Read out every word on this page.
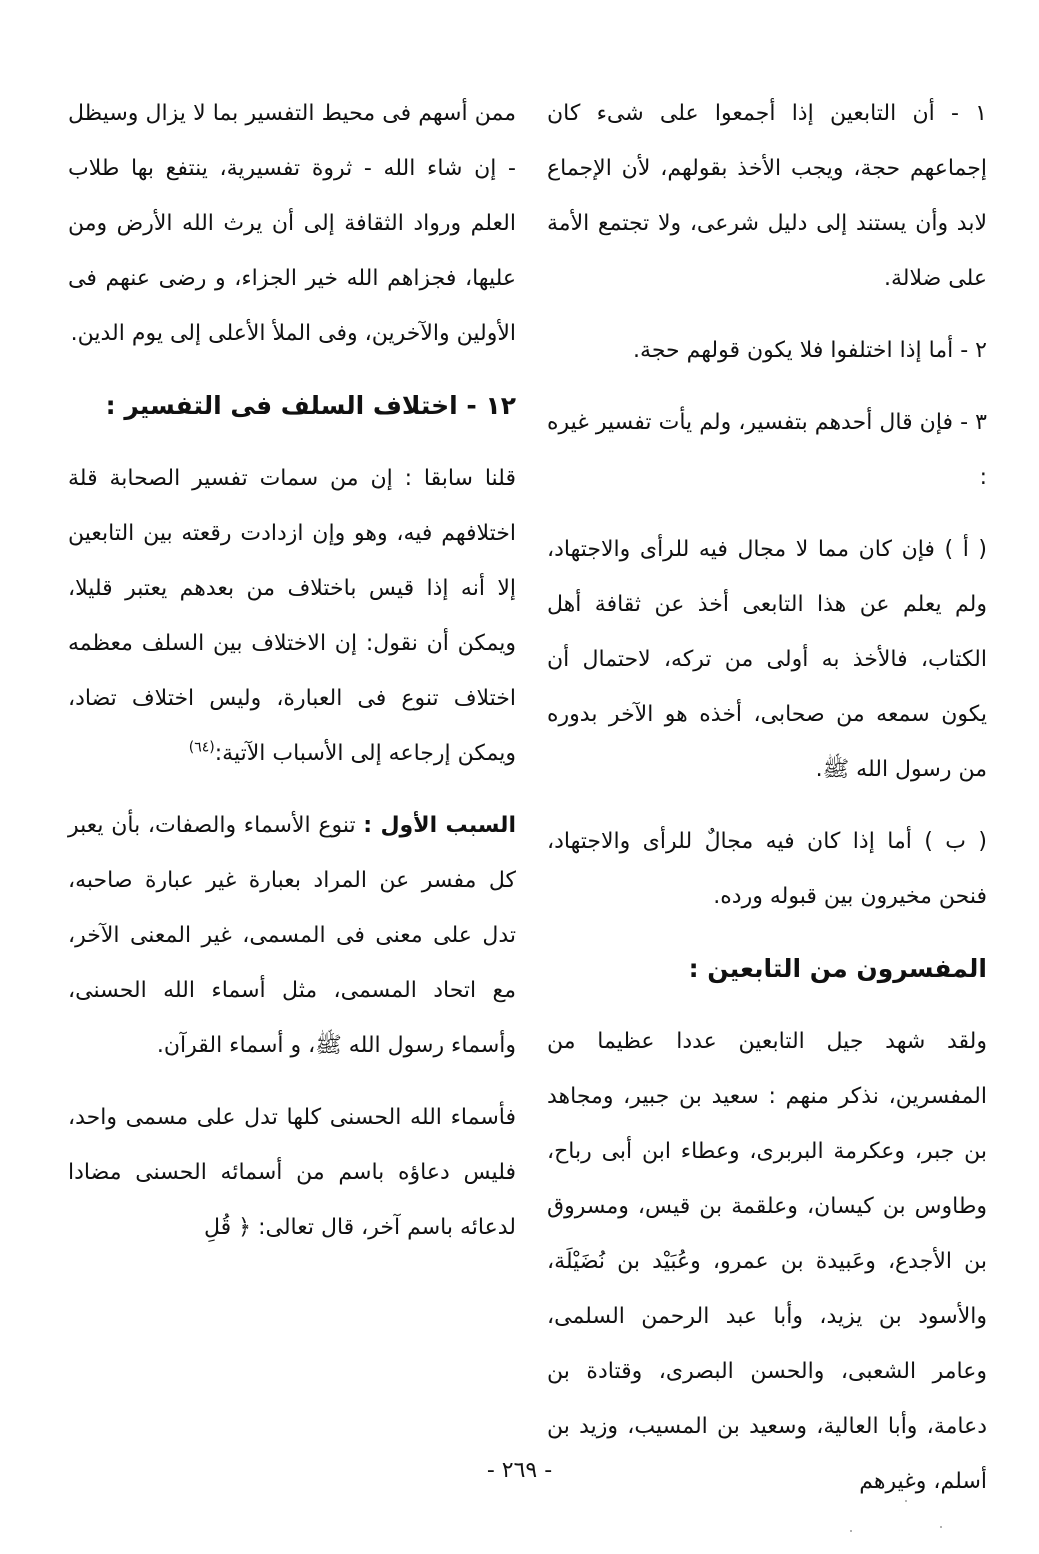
١ - أن التابعين إذا أجمعوا على شىء كان إجماعهم حجة، ويجب الأخذ بقولهم، لأن الإجماع لابد وأن يستند إلى دليل شرعى، ولا تجتمع الأمة على ضلالة.

٢ - أما إذا اختلفوا فلا يكون قولهم حجة.

٣ - فإن قال أحدهم بتفسير، ولم يأت تفسير غيره :

( أ ) فإن كان مما لا مجال فيه للرأى والاجتهاد، ولم يعلم عن هذا التابعى أخذ عن ثقافة أهل الكتاب، فالأخذ به أولى من تركه، لاحتمال أن يكون سمعه من صحابى، أخذه هو الآخر بدوره من رسول الله ﷺ.

( ب ) أما إذا كان فيه مجالٌ للرأى والاجتهاد، فنحن مخيرون بين قبوله ورده.

المفسرون من التابعين :

ولقد شهد جيل التابعين عددا عظيما من المفسرين، نذكر منهم : سعيد بن جبير، ومجاهد بن جبر، وعكرمة البربرى، وعطاء ابن أبى رباح، وطاوس بن كيسان، وعلقمة بن قيس، ومسروق بن الأجدع، وعَبيدة بن عمرو، وعُبَيْد بن نُضَيْلَة، والأسود بن يزيد، وأبا عبد الرحمن السلمى، وعامر الشعبى، والحسن البصرى، وقتادة بن دعامة، وأبا العالية، وسعيد بن المسيب، وزيد بن أسلم، وغيرهم

ممن أسهم فى محيط التفسير بما لا يزال وسيظل - إن شاء الله - ثروة تفسيرية، ينتفع بها طلاب العلم ورواد الثقافة إلى أن يرث الله الأرض ومن عليها، فجزاهم الله خير الجزاء، و رضى عنهم فى الأولين والآخرين، وفى الملأ الأعلى إلى يوم الدين.

١٢ - اختلاف السلف فى التفسير :

قلنا سابقا : إن من سمات تفسير الصحابة قلة اختلافهم فيه، وهو وإن ازدادت رقعته بين التابعين إلا أنه إذا قيس باختلاف من بعدهم يعتبر قليلا، ويمكن أن نقول: إن الاختلاف بين السلف معظمه اختلاف تنوع فى العبارة، وليس اختلاف تضاد، ويمكن إرجاعه إلى الأسباب الآتية:$^{(٦٤)}$

السبب الأول : تنوع الأسماء والصفات، بأن يعبر كل مفسر عن المراد بعبارة غير عبارة صاحبه، تدل على معنى فى المسمى، غير المعنى الآخر، مع اتحاد المسمى، مثل أسماء الله الحسنى، وأسماء رسول الله ﷺ، و أسماء القرآن.

فأسماء الله الحسنى كلها تدل على مسمى واحد، فليس دعاؤه باسم من أسمائه الحسنى مضادا لدعائه باسم آخر، قال تعالى: ﴿ قُلِ

- ٢٦٩ -
